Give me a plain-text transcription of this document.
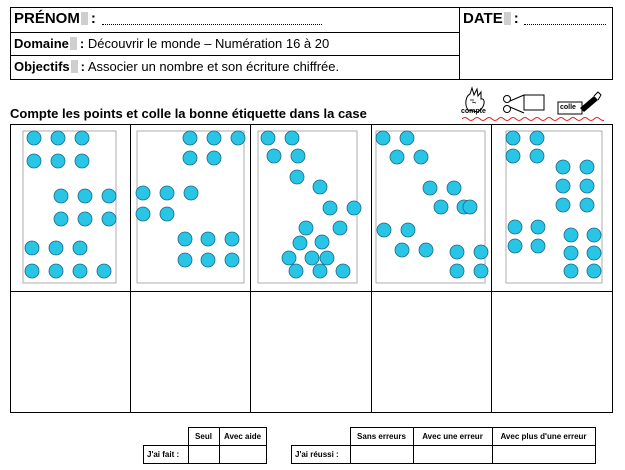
PRÉNOM :	DATE :
Domaine : Découvrir le monde – Numération 16 à 20
Objectifs : Associer un nombre et son écriture chiffrée.
Compte les points et colle la bonne étiquette dans la case	compte
colle
	Seul	Avec aide
J'ai fait :		
	Sans erreurs	Avec une erreur	Avec plus d'une erreur
J'ai réussi :			
